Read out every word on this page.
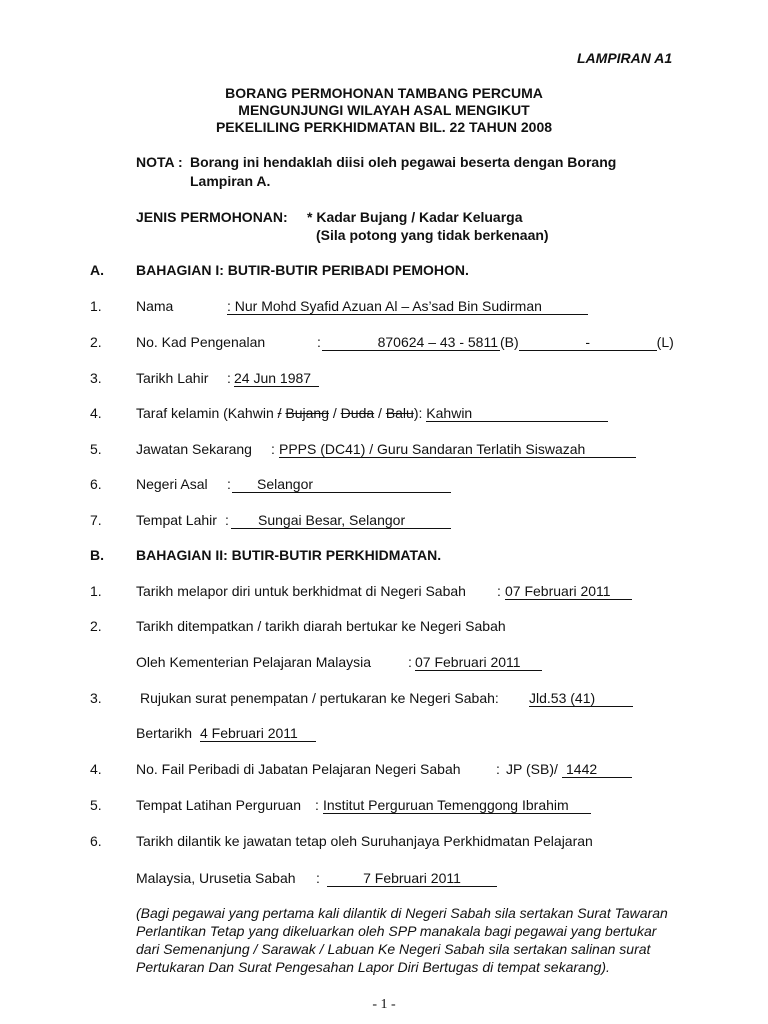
LAMPIRAN A1
BORANG PERMOHONAN TAMBANG PERCUMA
MENGUNJUNGI WILAYAH ASAL MENGIKUT
PEKELILING PERKHIDMATAN BIL. 22 TAHUN 2008
NOTA : Borang ini hendaklah diisi oleh pegawai beserta dengan Borang
Lampiran A.
JENIS PERMOHONAN: * Kadar Bujang / Kadar Keluarga
(Sila potong yang tidak berkenaan)
A. BAHAGIAN I: BUTIR-BUTIR PERIBADI PEMOHON.
1. Nama	: Nur Mohd Syafid Azuan Al – As’sad Bin Sudirman
2. No. Kad Pengenalan	:	870624 – 43 - 5811 (B)	-	(L)
3. Tarikh Lahir : 24 Jun 1987
4. Taraf kelamin (Kahwin / Bujang / Duda / Balu): Kahwin
5. Jawatan Sekarang : PPPS (DC41) / Guru Sandaran Terlatih Siswazah
6. Negeri Asal :	Selangor
7. Tempat Lahir :	Sungai Besar, Selangor
B. BAHAGIAN II: BUTIR-BUTIR PERKHIDMATAN.
1. Tarikh melapor diri untuk berkhidmat di Negeri Sabah : 07 Februari 2011
2. Tarikh ditempatkan / tarikh diarah bertukar ke Negeri Sabah
Oleh Kementerian Pelajaran Malaysia	: 07 Februari 2011
3.	Rujukan surat penempatan / pertukaran ke Negeri Sabah: Jld.53 (41)
Bertarikh 4 Februari 2011
4. No. Fail Peribadi di Jabatan Pelajaran Negeri Sabah	: JP (SB)/ 1442
5. Tempat Latihan Perguruan : Institut Perguruan Temenggong Ibrahim
6. Tarikh dilantik ke jawatan tetap oleh Suruhanjaya Perkhidmatan Pelajaran
Malaysia, Urusetia Sabah :	7 Februari 2011
(Bagi pegawai yang pertama kali dilantik di Negeri Sabah sila sertakan Surat Tawaran Perlantikan Tetap yang dikeluarkan oleh SPP manakala bagi pegawai yang bertukar dari Semenanjung / Sarawak / Labuan Ke Negeri Sabah sila sertakan salinan surat Pertukaran Dan Surat Pengesahan Lapor Diri Bertugas di tempat sekarang).
- 1 -
